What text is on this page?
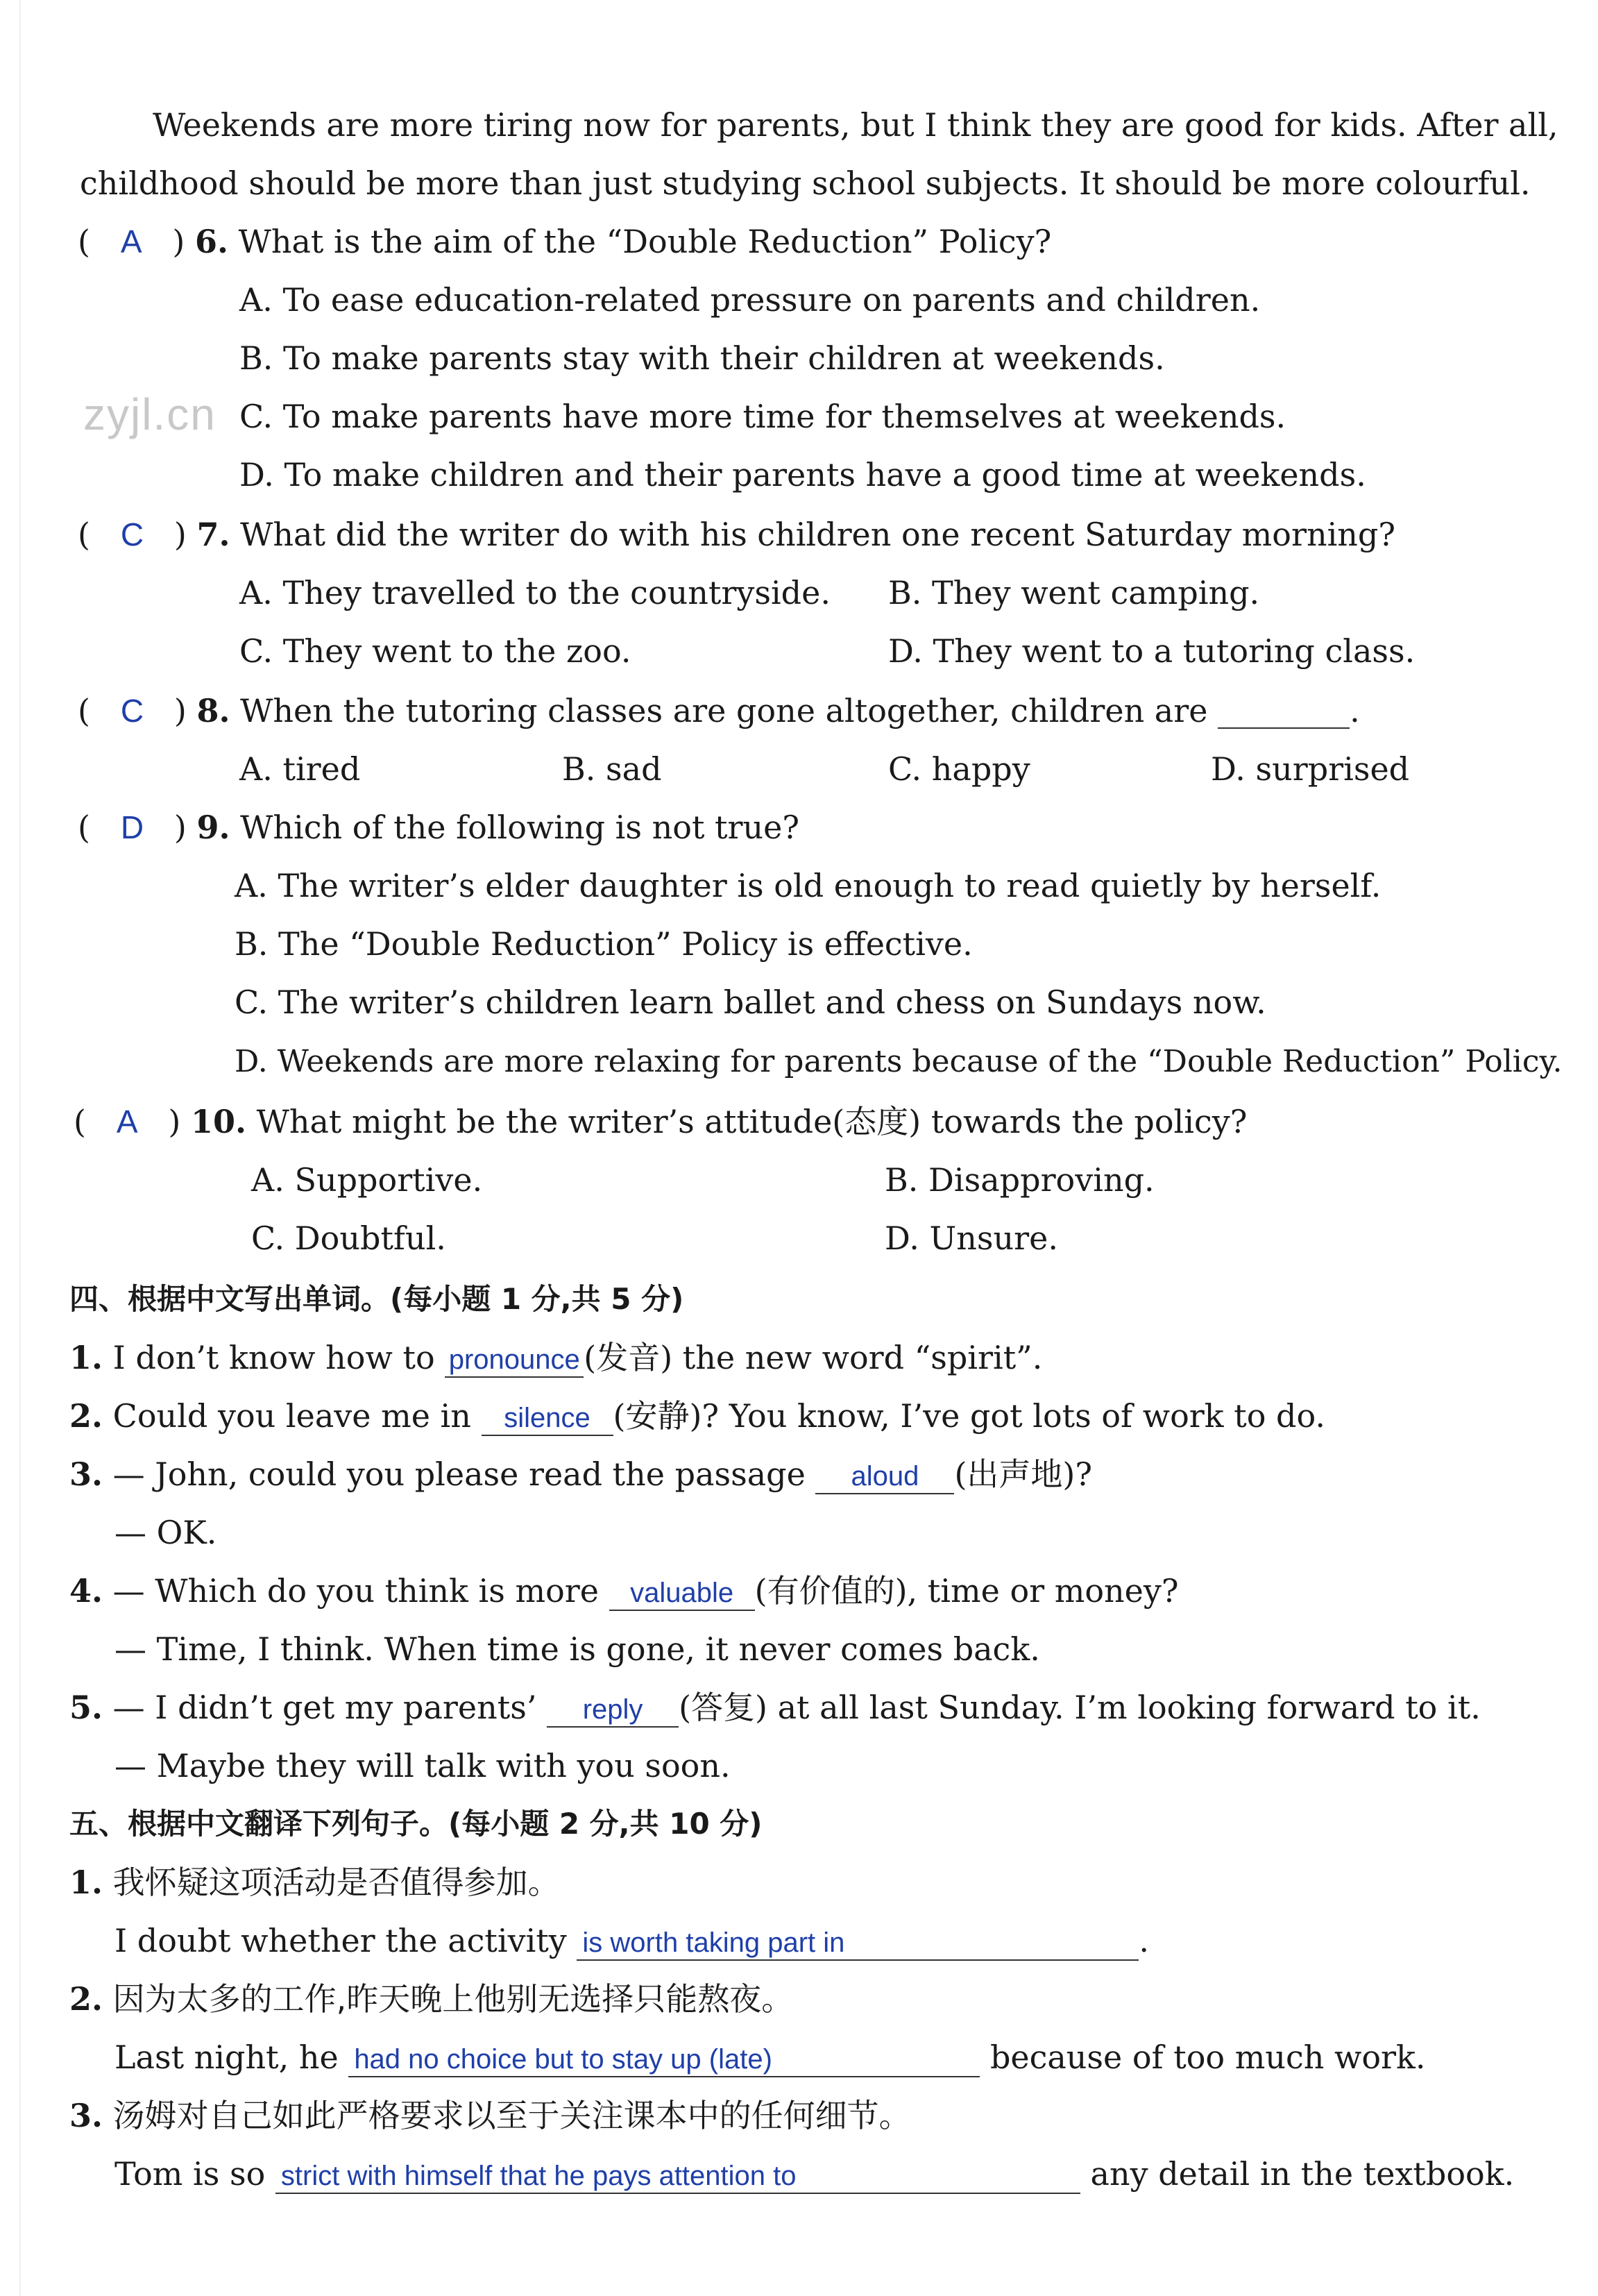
Weekends are more tiring now for parents, but I think they are good for kids. After all,
childhood should be more than just studying school subjects. It should be more colourful.
(   A   ) 6. What is the aim of the “Double Reduction” Policy?
A. To ease education-related pressure on parents and children.
B. To make parents stay with their children at weekends.
zyjl.cn C. To make parents have more time for themselves at weekends.
D. To make children and their parents have a good time at weekends.
(   C   ) 7. What did the writer do with his children one recent Saturday morning?
A. They travelled to the countryside. B. They went camping.
C. They went to the zoo.	D. They went to a tutoring class.
(   C   ) 8. When the tutoring classes are gone altogether, children are	.
A. tired	B. sad	C. happy	D. surprised
(   D   ) 9. Which of the following is not true?
A. The writer’s elder daughter is old enough to read quietly by herself.
B. The “Double Reduction” Policy is effective.
C. The writer’s children learn ballet and chess on Sundays now.
D. Weekends are more relaxing for parents because of the “Double Reduction” Policy.
(   A   ) 10. What might be the writer’s attitude(态度) towards the policy?
A. Supportive.	B. Disapproving.
C. Doubtful.	D. Unsure.
四、根据中文写出单词。(每小题 1 分,共 5 分)
1. I don’t know how to pronounce (发音) the new word “spirit”.
2. Could you leave me in silence (安静)? You know, I’ve got lots of work to do.
3. — John, could you please read the passage aloud (出声地)?
— OK.
4. — Which do you think is more valuable (有价值的), time or money?
— Time, I think. When time is gone, it never comes back.
5. — I didn’t get my parents’ reply (答复) at all last Sunday. I’m looking forward to it.
— Maybe they will talk with you soon.
五、根据中文翻译下列句子。(每小题 2 分,共 10 分)
1. 我怀疑这项活动是否值得参加。
I doubt whether the activity is worth taking part in	.
2. 因为太多的工作,昨天晚上他别无选择只能熬夜。
Last night, he had no choice but to stay up (late)	because of too much work.
3. 汤姆对自己如此严格要求以至于关注课本中的任何细节。
Tom is so strict with himself that he pays attention to	any detail in the textbook.
